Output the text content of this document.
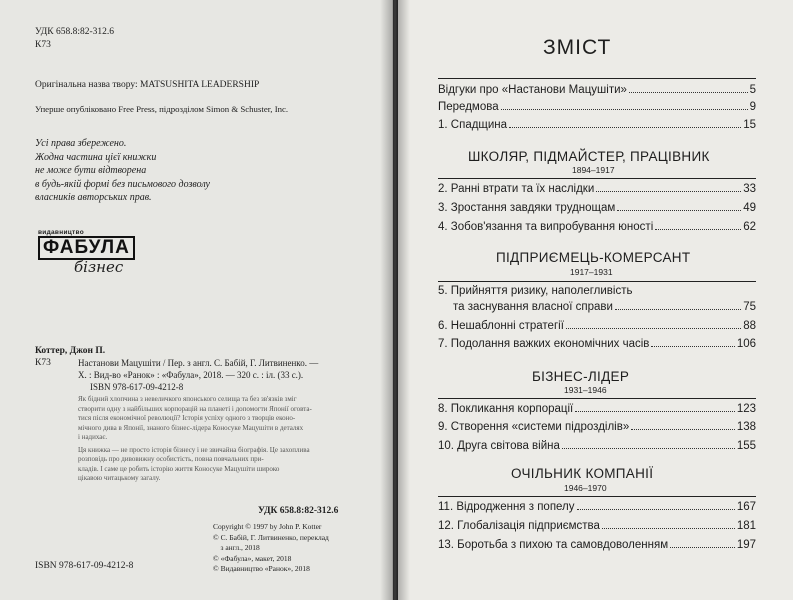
УДК 658.8:82-312.6
К73
Оригінальна назва твору: MATSUSHITA LEADERSHIP
Уперше опубліковано Free Press, підрозділом Simon & Schuster, Inc.
Усі права збережено.
Жодна частина цієї книжки
не може бути відтворена
в будь-якій формі без письмового дозволу
власників авторських прав.
видавництво
ФАБУЛА
бізнес
Коттер, Джон П.
К73	Настанови Мацушіти / Пер. з англ. С. Бабій, Г. Литвиненко. —
Х. : Вид-во «Ранок» : «Фабула», 2018. — 320 с. : іл. (33 с.).
ISBN 978-617-09-4212-8
Як бідний хлопчина з невеличкого японського селища та без зв'язків зміг
створити одну з найбільших корпорацій на планеті і допомогти Японії оговта-
тися після економічної революції? Історія успіху одного з творців еконо-
мічного дива в Японії, знаного бізнес-лідера Коносуке Мацушіти в деталях
і надихає.
Ця книжка — не просто історія бізнесу і не звичайна біографія. Це захоплива
розповідь про дивовижну особистість, повна повчальних при-
кладів. І саме це робить історію життя Коносуке Мацушіти широко
цікавою читацькому загалу.
УДК 658.8:82-312.6
Copyright © 1997 by John P. Kotter
© С. Бабій, Г. Литвиненко, переклад
з англ., 2018
© «Фабула», макет, 2018
© Видавництво «Ранок», 2018
ISBN 978-617-09-4212-8
ЗМІСТ
Відгуки про «Настанови Мацушіти»	5
Передмова	9
1. Спадщина	15
ШКОЛЯР, ПІДМАЙСТЕР, ПРАЦІВНИК
1894–1917
2. Ранні втрати та їх наслідки	33
3. Зростання завдяки труднощам	49
4. Зобов'язання та випробування юності	62
ПІДПРИЄМЕЦЬ-КОМЕРСАНТ
1917–1931
5. Прийняття ризику, наполегливість
та заснування власної справи	75
6. Нешаблонні стратегії	88
7. Подолання важких економічних часів	106
БІЗНЕС-ЛІДЕР
1931–1946
8. Покликання корпорації	123
9. Створення «системи підрозділів»	138
10. Друга світова війна	155
ОЧІЛЬНИК КОМПАНІЇ
1946–1970
11. Відродження з попелу	167
12. Глобалізація підприємства	181
13. Боротьба з пихою та самовдоволенням	197
